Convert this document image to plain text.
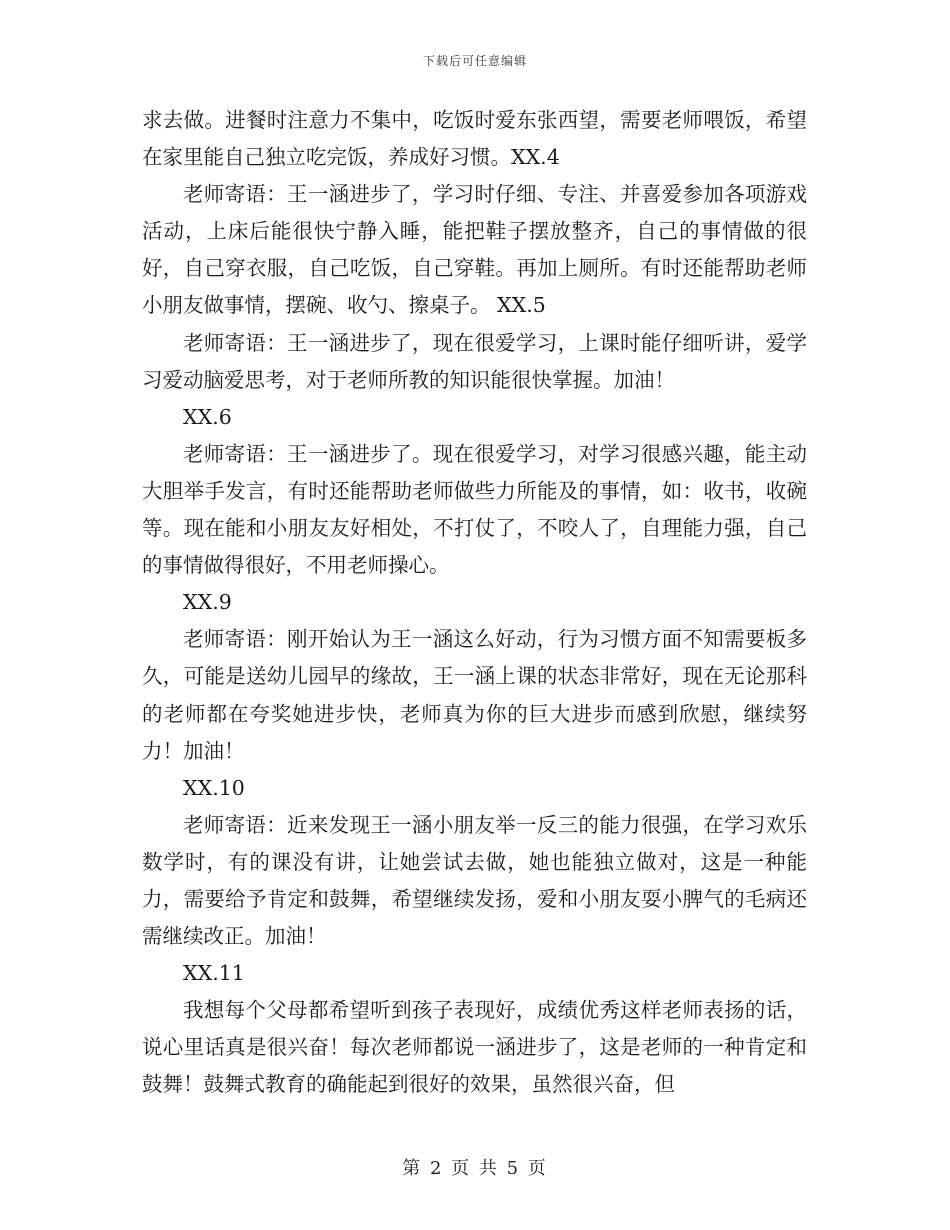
下载后可任意编辑

求去做。进餐时注意力不集中，吃饭时爱东张西望，需要老师喂饭，希望在家里能自己独立吃完饭，养成好习惯。XX.4

老师寄语：王一涵进步了，学习时仔细、专注、并喜爱参加各项游戏活动，上床后能很快宁静入睡，能把鞋子摆放整齐，自己的事情做的很好，自己穿衣服，自己吃饭，自己穿鞋。再加上厕所。有时还能帮助老师小朋友做事情，摆碗、收勺、擦桌子。 XX.5

老师寄语：王一涵进步了，现在很爱学习，上课时能仔细听讲，爱学习爱动脑爱思考，对于老师所教的知识能很快掌握。加油！

XX.6

老师寄语：王一涵进步了。现在很爱学习，对学习很感兴趣，能主动大胆举手发言，有时还能帮助老师做些力所能及的事情，如：收书，收碗等。现在能和小朋友友好相处，不打仗了，不咬人了，自理能力强，自己的事情做得很好，不用老师操心。

XX.9

老师寄语：刚开始认为王一涵这么好动，行为习惯方面不知需要板多久，可能是送幼儿园早的缘故，王一涵上课的状态非常好，现在无论那科的老师都在夸奖她进步快，老师真为你的巨大进步而感到欣慰，继续努力！加油！

XX.10

老师寄语：近来发现王一涵小朋友举一反三的能力很强，在学习欢乐数学时，有的课没有讲，让她尝试去做，她也能独立做对，这是一种能力，需要给予肯定和鼓舞，希望继续发扬，爱和小朋友耍小脾气的毛病还需继续改正。加油！

XX.11

我想每个父母都希望听到孩子表现好，成绩优秀这样老师表扬的话，说心里话真是很兴奋！每次老师都说一涵进步了，这是老师的一种肯定和鼓舞！鼓舞式教育的确能起到很好的效果，虽然很兴奋，但

第 2 页 共 5 页
